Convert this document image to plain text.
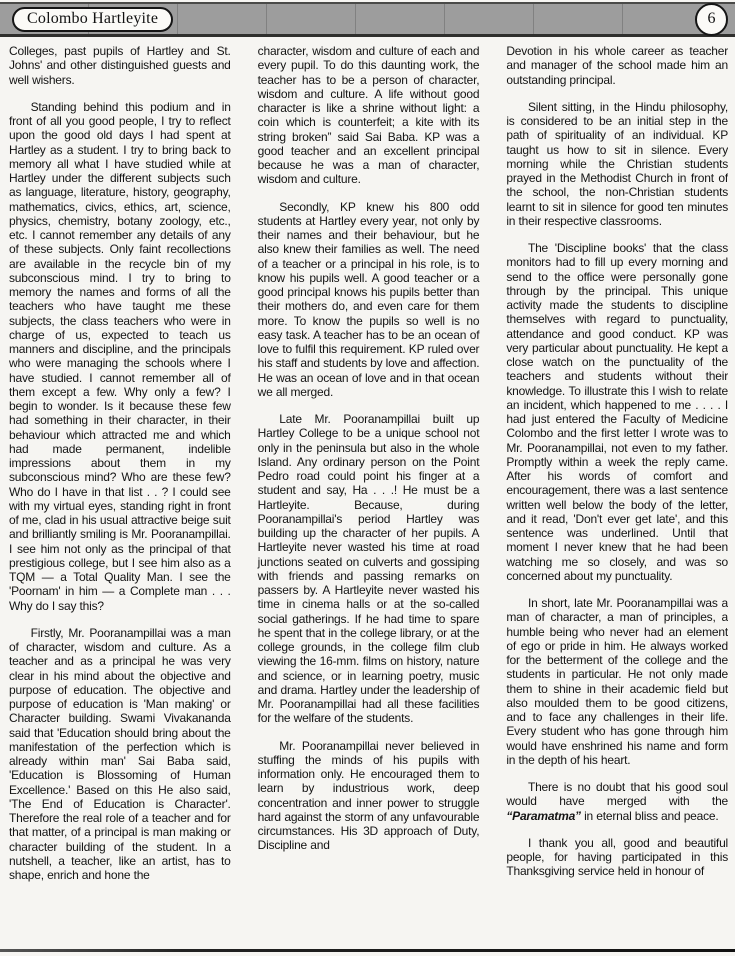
Colombo Hartleyite	6

Colleges, past pupils of Hartley and St. Johns' and other distinguished guests and well wishers.

Standing behind this podium and in front of all you good people, I try to reflect upon the good old days I had spent at Hartley as a student. I try to bring back to memory all what I have studied while at Hartley under the different subjects such as language, literature, history, geography, mathematics, civics, ethics, art, science, physics, chemistry, botany zoology, etc., etc. I cannot remember any details of any of these subjects. Only faint recollections are available in the recycle bin of my subconscious mind. I try to bring to memory the names and forms of all the teachers who have taught me these subjects, the class teachers who were in charge of us, expected to teach us manners and discipline, and the principals who were managing the schools where I have studied. I cannot remember all of them except a few. Why only a few? I begin to wonder. Is it because these few had something in their character, in their behaviour which attracted me and which had made permanent, indelible impressions about them in my subconscious mind? Who are these few? Who do I have in that list . . ? I could see with my virtual eyes, standing right in front of me, clad in his usual attractive beige suit and brilliantly smiling is Mr. Pooranampillai. I see him not only as the principal of that prestigious college, but I see him also as a TQM — a Total Quality Man. I see the 'Poornam' in him — a Complete man . . . Why do I say this?

Firstly, Mr. Pooranampillai was a man of character, wisdom and culture. As a teacher and as a principal he was very clear in his mind about the objective and purpose of education. The objective and purpose of education is 'Man making' or Character building. Swami Vivakananda said that 'Education should bring about the manifestation of the perfection which is already within man' Sai Baba said, 'Education is Blossoming of Human Excellence.' Based on this He also said, 'The End of Education is Character'. Therefore the real role of a teacher and for that matter, of a principal is man making or character building of the student. In a nutshell, a teacher, like an artist, has to shape, enrich and hone the

character, wisdom and culture of each and every pupil. To do this daunting work, the teacher has to be a person of character, wisdom and culture. A life without good character is like a shrine without light: a coin which is counterfeit; a kite with its string broken” said Sai Baba. KP was a good teacher and an excellent principal because he was a man of character, wisdom and culture.

Secondly, KP knew his 800 odd students at Hartley every year, not only by their names and their behaviour, but he also knew their families as well. The need of a teacher or a principal in his role, is to know his pupils well. A good teacher or a good principal knows his pupils better than their mothers do, and even care for them more. To know the pupils so well is no easy task. A teacher has to be an ocean of love to fulfil this requirement. KP ruled over his staff and students by love and affection. He was an ocean of love and in that ocean we all merged.

Late Mr. Pooranampillai built up Hartley College to be a unique school not only in the peninsula but also in the whole Island. Any ordinary person on the Point Pedro road could point his finger at a student and say, Ha . . .! He must be a Hartleyite. Because, during Pooranampillai's period Hartley was building up the character of her pupils. A Hartleyite never wasted his time at road junctions seated on culverts and gossiping with friends and passing remarks on passers by. A Hartleyite never wasted his time in cinema halls or at the so-called social gatherings. If he had time to spare he spent that in the college library, or at the college grounds, in the college film club viewing the 16-mm. films on history, nature and science, or in learning poetry, music and drama. Hartley under the leadership of Mr. Pooranampillai had all these facilities for the welfare of the students.

Mr. Pooranampillai never believed in stuffing the minds of his pupils with information only. He encouraged them to learn by industrious work, deep concentration and inner power to struggle hard against the storm of any unfavourable circumstances. His 3D approach of Duty, Discipline and

Devotion in his whole career as teacher and manager of the school made him an outstanding principal.

Silent sitting, in the Hindu philosophy, is considered to be an initial step in the path of spirituality of an individual. KP taught us how to sit in silence. Every morning while the Christian students prayed in the Methodist Church in front of the school, the non-Christian students learnt to sit in silence for good ten minutes in their respective classrooms.

The 'Discipline books' that the class monitors had to fill up every morning and send to the office were personally gone through by the principal. This unique activity made the students to discipline themselves with regard to punctuality, attendance and good conduct. KP was very particular about punctuality. He kept a close watch on the punctuality of the teachers and students without their knowledge. To illustrate this I wish to relate an incident, which happened to me . . . . I had just entered the Faculty of Medicine Colombo and the first letter I wrote was to Mr. Pooranampillai, not even to my father. Promptly within a week the reply came. After his words of comfort and encouragement, there was a last sentence written well below the body of the letter, and it read, 'Don't ever get late', and this sentence was underlined. Until that moment I never knew that he had been watching me so closely, and was so concerned about my punctuality.

In short, late Mr. Pooranampillai was a man of character, a man of principles, a humble being who never had an element of ego or pride in him. He always worked for the betterment of the college and the students in particular. He not only made them to shine in their academic field but also moulded them to be good citizens, and to face any challenges in their life. Every student who has gone through him would have enshrined his name and form in the depth of his heart.

There is no doubt that his good soul would have merged with the “Paramatma” in eternal bliss and peace.

I thank you all, good and beautiful people, for having participated in this Thanksgiving service held in honour of
